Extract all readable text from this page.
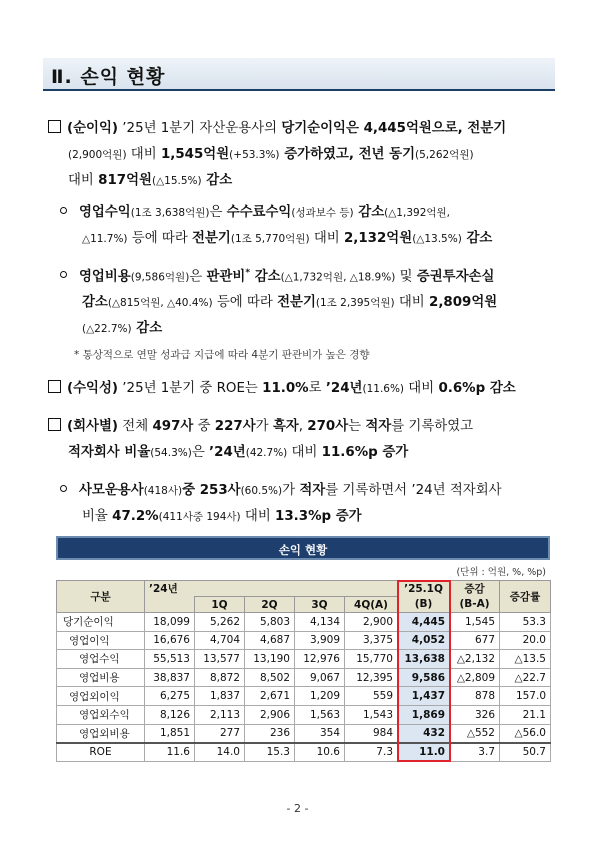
Ⅱ. 손익 현황
(순이익) ’25년 1분기 자산운용사의 당기순이익은 4,445억원으로, 전분기
(2,900억원) 대비 1,545억원(+53.3%) 증가하였고, 전년 동기(5,262억원)
대비 817억원(△15.5%) 감소
영업수익(1조 3,638억원)은 수수료수익(성과보수 등) 감소(△1,392억원,
△11.7%) 등에 따라 전분기(1조 5,770억원) 대비 2,132억원(△13.5%) 감소
영업비용(9,586억원)은 판관비* 감소(△1,732억원, △18.9%) 및 증권투자손실
감소(△815억원, △40.4%) 등에 따라 전분기(1조 2,395억원) 대비 2,809억원
(△22.7%) 감소
* 통상적으로 연말 성과급 지급에 따라 4분기 판관비가 높은 경향
(수익성) ’25년 1분기 중 ROE는 11.0%로 ’24년(11.6%) 대비 0.6%p 감소
(회사별) 전체 497사 중 227사가 흑자, 270사는 적자를 기록하였고
적자회사 비율(54.3%)은 ’24년(42.7%) 대비 11.6%p 증가
사모운용사(418사)중 253사(60.5%)가 적자를 기록하면서 ’24년 적자회사
비율 47.2%(411사중 194사) 대비 13.3%p 증가
손익 현황
(단위 : 억원, %, %p)
구분	’24년					’25.1Q	증감	증감률
		1Q	2Q	3Q	4Q(A)	(B)	(B-A)	
당기순이익	18,099	5,262	5,803	4,134	2,900	4,445	1,545	53.3
영업이익	16,676	4,704	4,687	3,909	3,375	4,052	677	20.0
영업수익	55,513	13,577	13,190	12,976	15,770	13,638	△2,132	△13.5
영업비용	38,837	8,872	8,502	9,067	12,395	9,586	△2,809	△22.7
영업외이익	6,275	1,837	2,671	1,209	559	1,437	878	157.0
영업외수익	8,126	2,113	2,906	1,563	1,543	1,869	326	21.1
영업외비용	1,851	277	236	354	984	432	△552	△56.0
ROE	11.6	14.0	15.3	10.6	7.3	11.0	3.7	50.7
- 2 -
